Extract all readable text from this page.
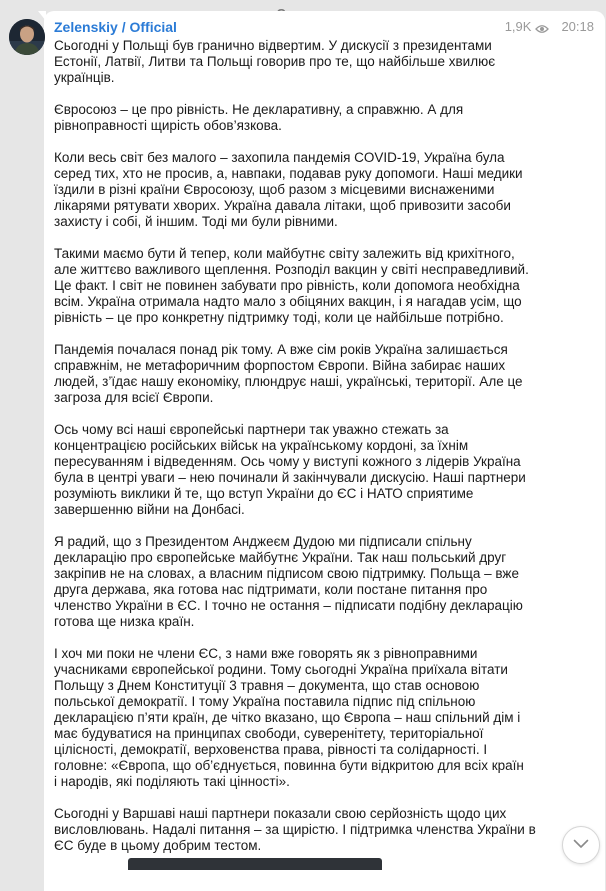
Zelenskiy / Official	1,9K 20:18

Сьогодні у Польщі був гранично відвертим. У дискусії з президентами
Естонії, Латвії, Литви та Польщі говорив про те, що найбільше хвилює
українців.

Євросоюз – це про рівність. Не декларативну, а справжню. А для
рівноправності щирість обов’язкова.

Коли весь світ без малого – захопила пандемія COVID-19, Україна була
серед тих, хто не просив, а, навпаки, подавав руку допомоги. Наші медики
їздили в різні країни Євросоюзу, щоб разом з місцевими виснаженими
лікарями рятувати хворих. Україна давала літаки, щоб привозити засоби
захисту і собі, й іншим. Тоді ми були рівними.

Такими маємо бути й тепер, коли майбутнє світу залежить від крихітного,
але життєво важливого щеплення. Розподіл вакцин у світі несправедливий.
Це факт. І світ не повинен забувати про рівність, коли допомога необхідна
всім. Україна отримала надто мало з обіцяних вакцин, і я нагадав усім, що
рівність – це про конкретну підтримку тоді, коли це найбільше потрібно.

Пандемія почалася понад рік тому. А вже сім років Україна залишається
справжнім, не метафоричним форпостом Європи. Війна забирає наших
людей, з’їдає нашу економіку, плюндрує наші, українські, території. Але це
загроза для всієї Європи.

Ось чому всі наші європейські партнери так уважно стежать за
концентрацією російських військ на українському кордоні, за їхнім
пересуванням і відведенням. Ось чому у виступі кожного з лідерів Україна
була в центрі уваги – нею починали й закінчували дискусію. Наші партнери
розуміють виклики й те, що вступ України до ЄС і НАТО сприятиме
завершенню війни на Донбасі.

Я радий, що з Президентом Анджеєм Дудою ми підписали спільну
декларацію про європейське майбутнє України. Так наш польський друг
закріпив не на словах, а власним підписом свою підтримку. Польща – вже
друга держава, яка готова нас підтримати, коли постане питання про
членство України в ЄС. І точно не остання – підписати подібну декларацію
готова ще низка країн.

І хоч ми поки не члени ЄС, з нами вже говорять як з рівноправними
учасниками європейської родини. Тому сьогодні Україна приїхала вітати
Польщу з Днем Конституції 3 травня – документа, що став основою
польської демократії. І тому Україна поставила підпис під спільною
декларацією п’яти країн, де чітко вказано, що Європа – наш спільний дім і
має будуватися на принципах свободи, суверенітету, територіальної
цілісності, демократії, верховенства права, рівності та солідарності. І
головне: «Європа, що об’єднується, повинна бути відкритою для всіх країн
і народів, які поділяють такі цінності».

Сьогодні у Варшаві наші партнери показали свою серйозність щодо цих
висловлювань. Надалі питання – за щирістю. І підтримка членства України в
ЄС буде в цьому добрим тестом.
